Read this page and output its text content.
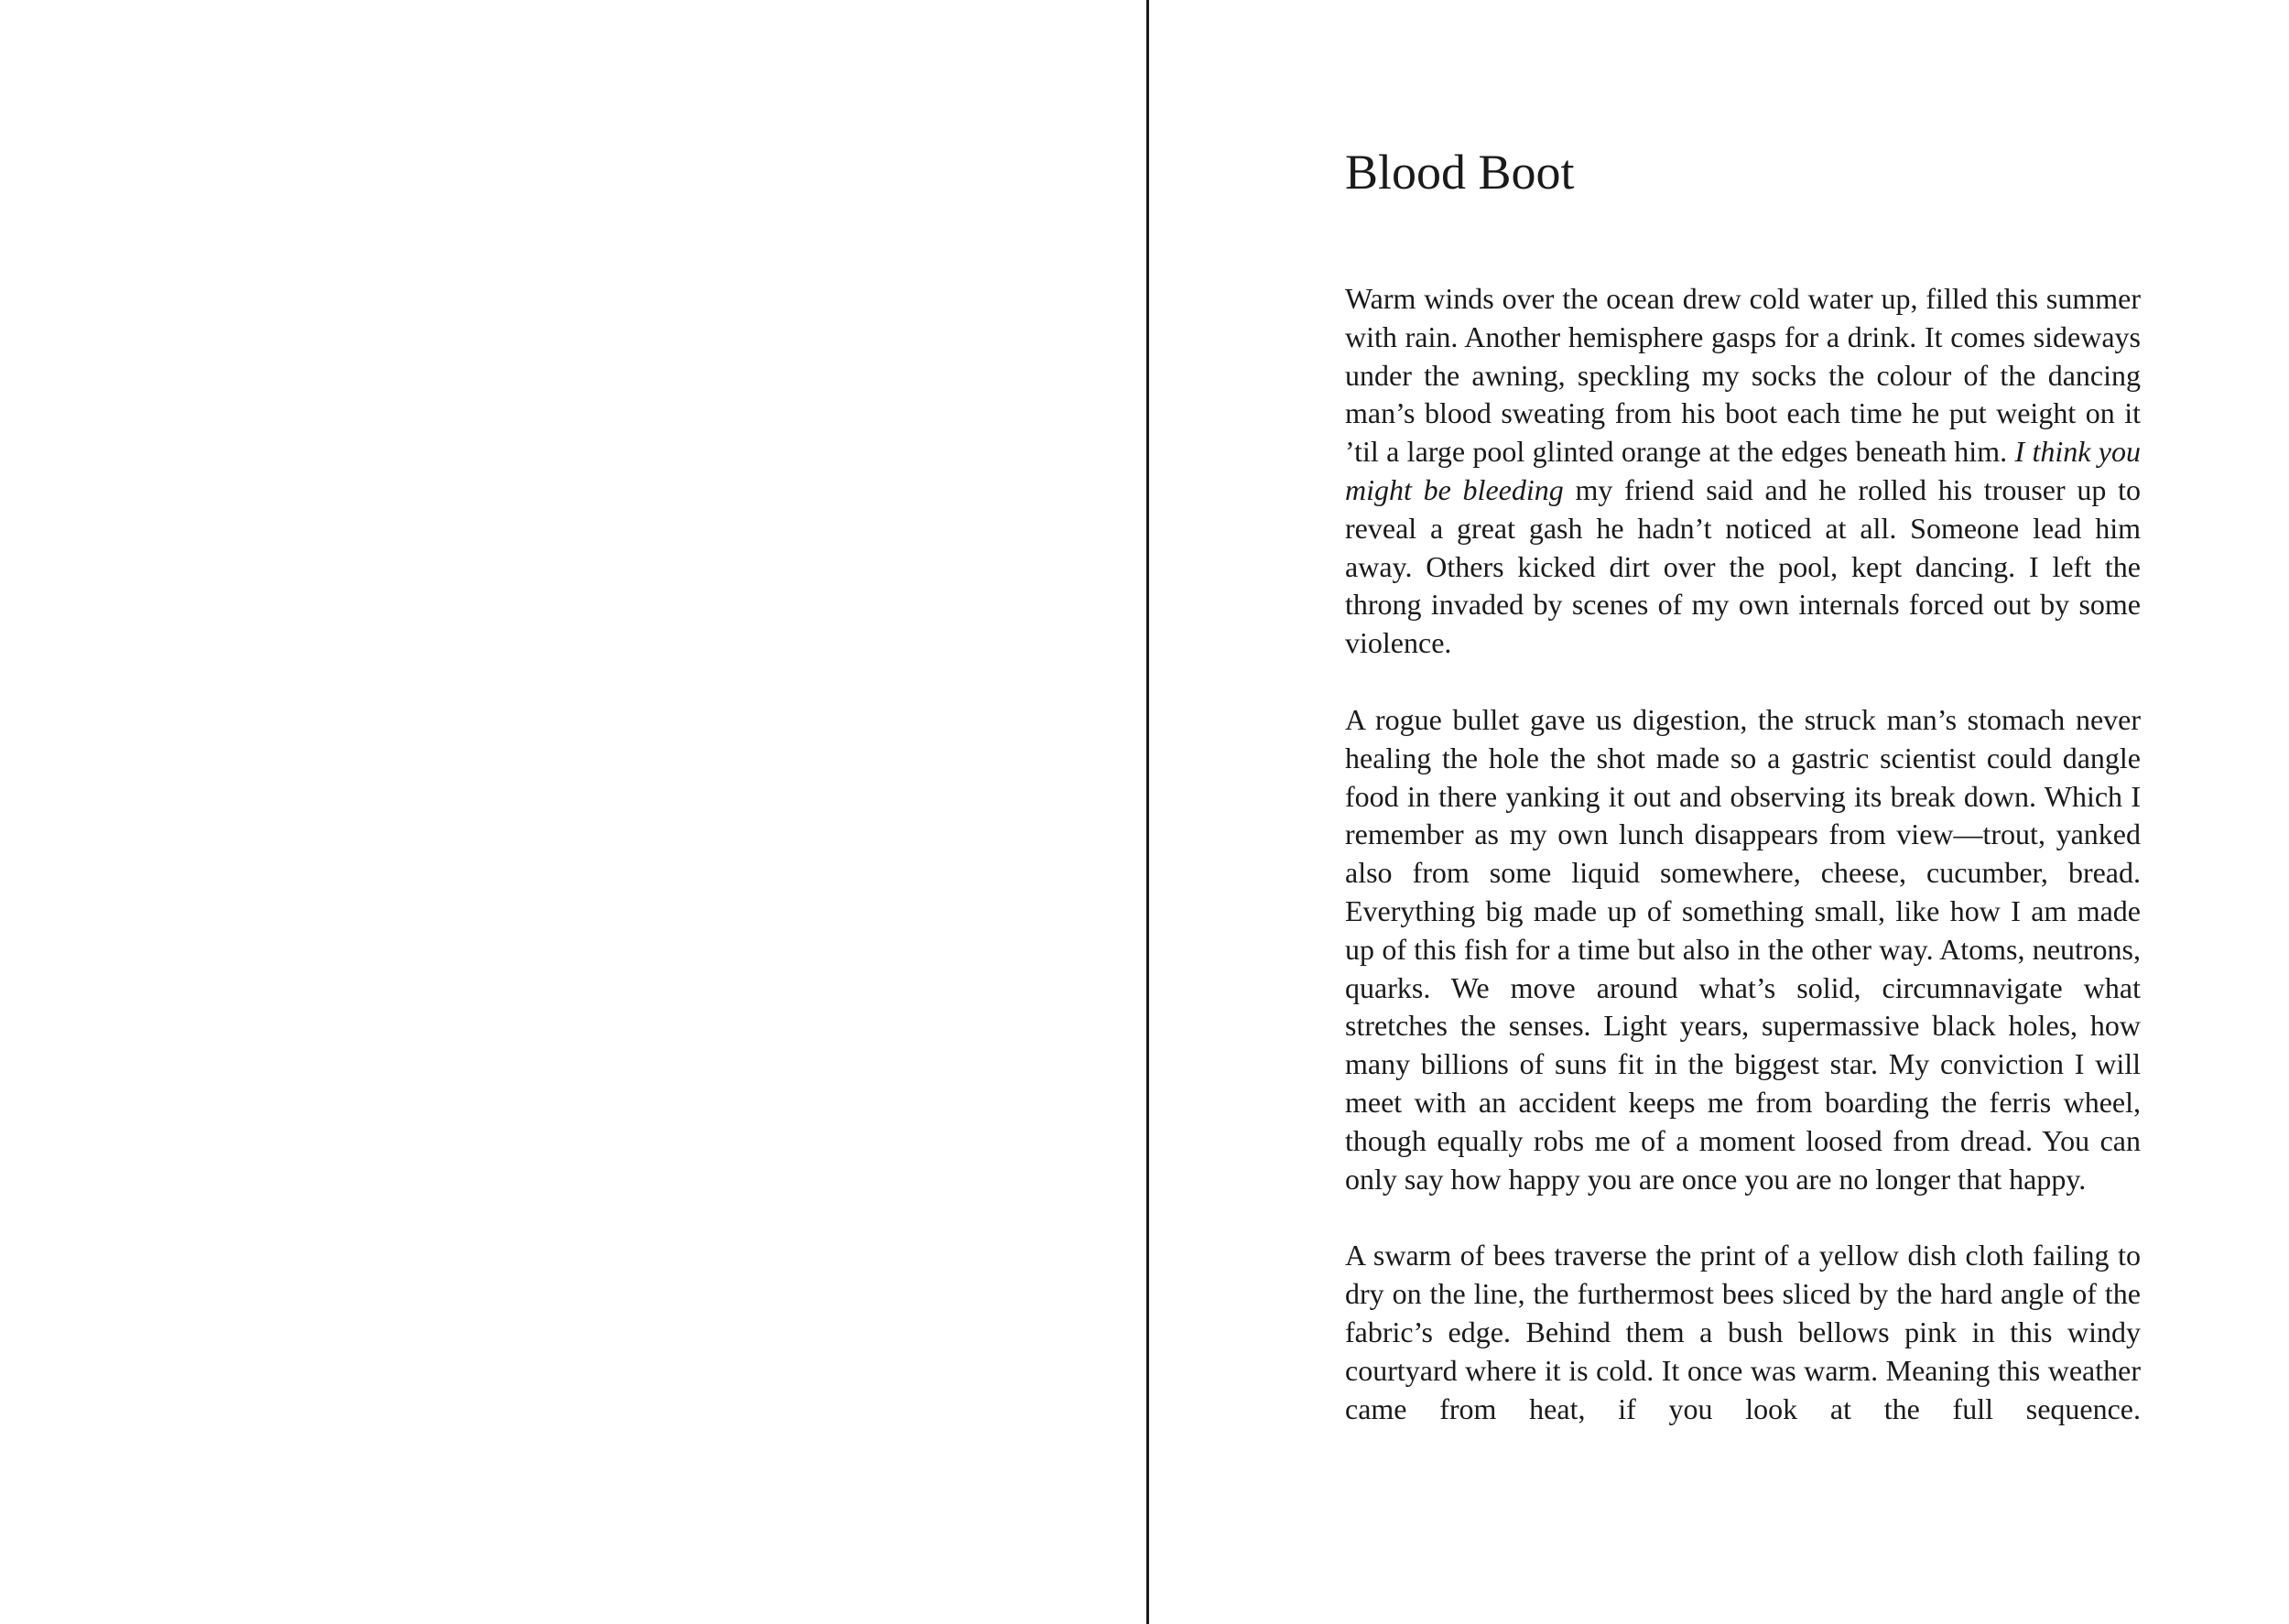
Blood Boot

Warm winds over the ocean drew cold water up, filled this summer with rain. Another hemisphere gasps for a drink. It comes sideways under the awning, speckling my socks the colour of the dancing man’s blood sweating from his boot each time he put weight on it ’til a large pool glinted orange at the edges beneath him. I think you might be bleeding my friend said and he rolled his trouser up to reveal a great gash he hadn’t noticed at all. Someone lead him away. Others kicked dirt over the pool, kept dancing. I left the throng invaded by scenes of my own internals forced out by some violence.

A rogue bullet gave us digestion, the struck man’s stomach never healing the hole the shot made so a gastric scientist could dangle food in there yanking it out and observing its break down. Which I remember as my own lunch disappears from view—trout, yanked also from some liquid somewhere, cheese, cucumber, bread. Everything big made up of something small, like how I am made up of this fish for a time but also in the other way. Atoms, neutrons, quarks. We move around what’s solid, circumnavigate what stretches the senses. Light years, supermassive black holes, how many billions of suns fit in the biggest star. My conviction I will meet with an accident keeps me from boarding the ferris wheel, though equally robs me of a moment loosed from dread. You can only say how happy you are once you are no longer that happy.

A swarm of bees traverse the print of a yellow dish cloth failing to dry on the line, the furthermost bees sliced by the hard angle of the fabric’s edge. Behind them a bush bellows pink in this windy courtyard where it is cold. It once was warm. Meaning this weather came from heat, if you look at the full sequence.
